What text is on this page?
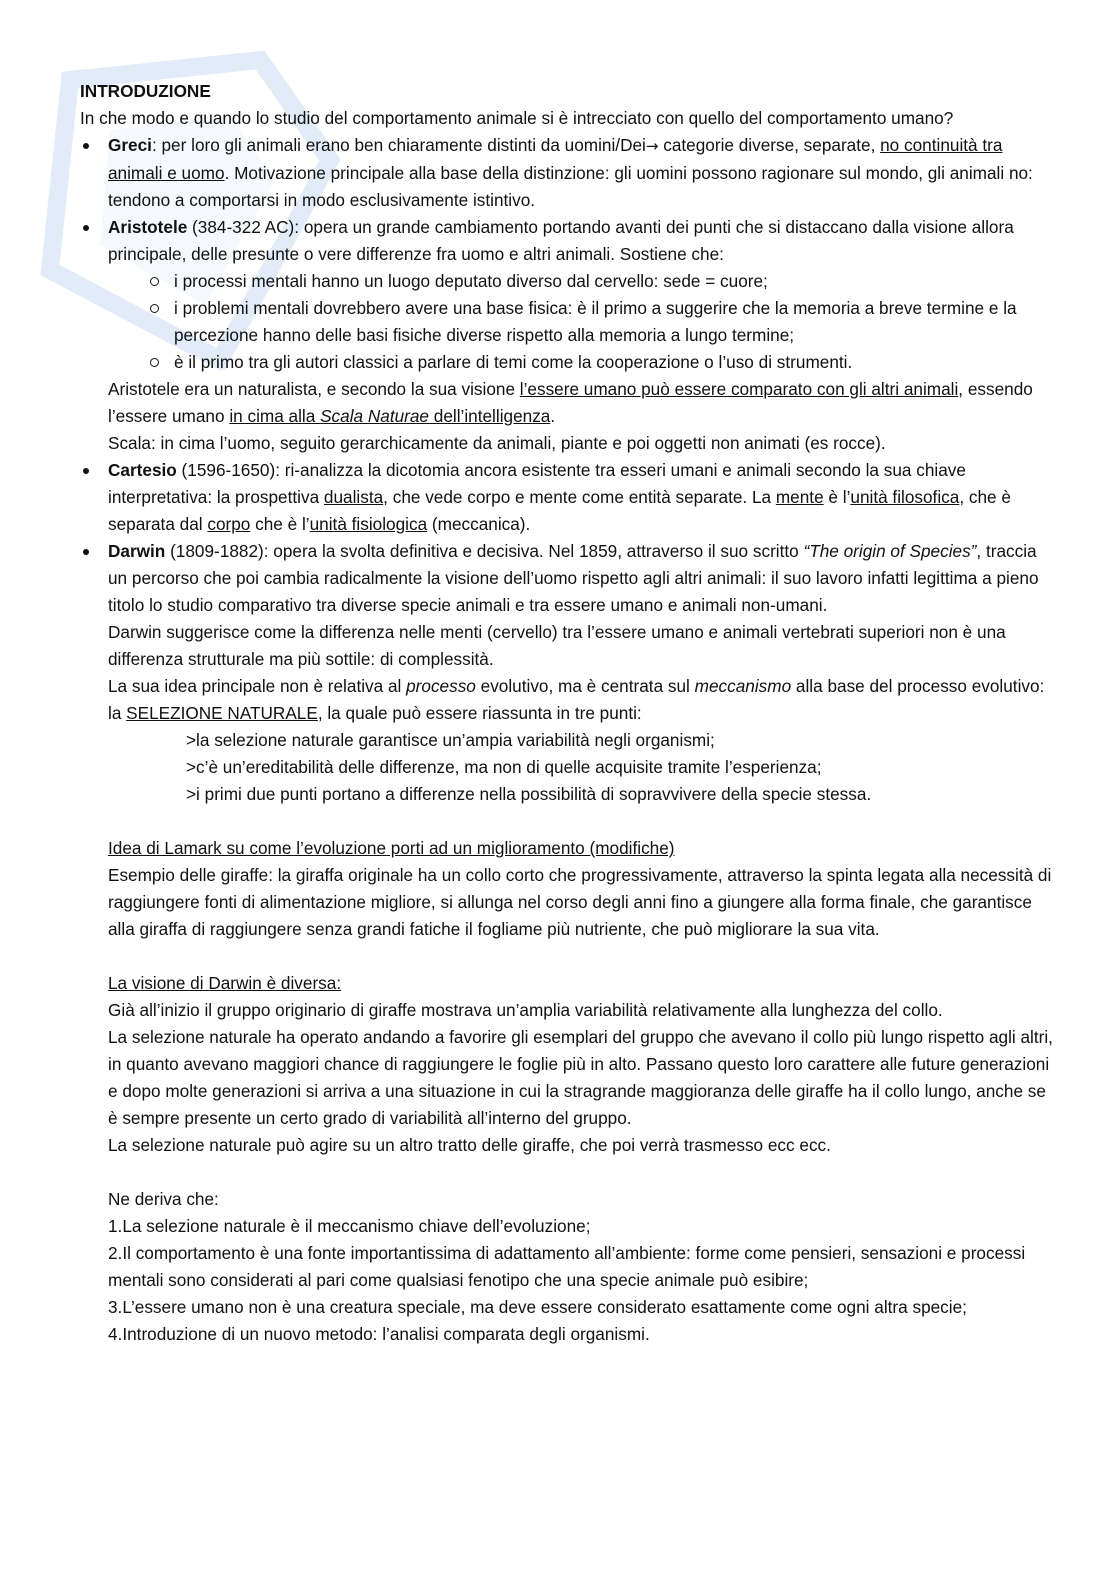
INTRODUZIONE

In che modo e quando lo studio del comportamento animale si è intrecciato con quello del comportamento umano?

Greci: per loro gli animali erano ben chiaramente distinti da uomini/Dei→ categorie diverse, separate, no continuità tra animali e uomo. Motivazione principale alla base della distinzione: gli uomini possono ragionare sul mondo, gli animali no: tendono a comportarsi in modo esclusivamente istintivo.
Aristotele (384-322 AC): opera un grande cambiamento portando avanti dei punti che si distaccano dalla visione allora principale, delle presunte o vere differenze fra uomo e altri animali. Sostiene che:
i processi mentali hanno un luogo deputato diverso dal cervello: sede = cuore;
i problemi mentali dovrebbero avere una base fisica: è il primo a suggerire che la memoria a breve termine e la percezione hanno delle basi fisiche diverse rispetto alla memoria a lungo termine;
è il primo tra gli autori classici a parlare di temi come la cooperazione o l’uso di strumenti.

Aristotele era un naturalista, e secondo la sua visione l’essere umano può essere comparato con gli altri animali, essendo l’essere umano in cima alla Scala Naturae dell’intelligenza.

Scala: in cima l’uomo, seguito gerarchicamente da animali, piante e poi oggetti non animati (es rocce).

Cartesio (1596-1650): ri-analizza la dicotomia ancora esistente tra esseri umani e animali secondo la sua chiave interpretativa: la prospettiva dualista, che vede corpo e mente come entità separate. La mente è l’unità filosofica, che è separata dal corpo che è l’unità fisiologica (meccanica).
Darwin (1809-1882): opera la svolta definitiva e decisiva. Nel 1859, attraverso il suo scritto “The origin of Species”, traccia un percorso che poi cambia radicalmente la visione dell’uomo rispetto agli altri animali: il suo lavoro infatti legittima a pieno titolo lo studio comparativo tra diverse specie animali e tra essere umano e animali non-umani.

Darwin suggerisce come la differenza nelle menti (cervello) tra l’essere umano e animali vertebrati superiori non è una differenza strutturale ma più sottile: di complessità.

La sua idea principale non è relativa al processo evolutivo, ma è centrata sul meccanismo alla base del processo evolutivo: la SELEZIONE NATURALE, la quale può essere riassunta in tre punti:

>la selezione naturale garantisce un’ampia variabilità negli organismi;

>c’è un’ereditabilità delle differenze, ma non di quelle acquisite tramite l’esperienza;

>i primi due punti portano a differenze nella possibilità di sopravvivere della specie stessa.

Idea di Lamark su come l’evoluzione porti ad un miglioramento (modifiche)

Esempio delle giraffe: la giraffa originale ha un collo corto che progressivamente, attraverso la spinta legata alla necessità di raggiungere fonti di alimentazione migliore, si allunga nel corso degli anni fino a giungere alla forma finale, che garantisce alla giraffa di raggiungere senza grandi fatiche il fogliame più nutriente, che può migliorare la sua vita.

La visione di Darwin è diversa:

Già all’inizio il gruppo originario di giraffe mostrava un’amplia variabilità relativamente alla lunghezza del collo.

La selezione naturale ha operato andando a favorire gli esemplari del gruppo che avevano il collo più lungo rispetto agli altri, in quanto avevano maggiori chance di raggiungere le foglie più in alto. Passano questo loro carattere alle future generazioni e dopo molte generazioni si arriva a una situazione in cui la stragrande maggioranza delle giraffe ha il collo lungo, anche se è sempre presente un certo grado di variabilità all’interno del gruppo.

La selezione naturale può agire su un altro tratto delle giraffe, che poi verrà trasmesso ecc ecc.

Ne deriva che:

1.La selezione naturale è il meccanismo chiave dell’evoluzione;

2.Il comportamento è una fonte importantissima di adattamento all’ambiente: forme come pensieri, sensazioni e processi mentali sono considerati al pari come qualsiasi fenotipo che una specie animale può esibire;

3.L’essere umano non è una creatura speciale, ma deve essere considerato esattamente come ogni altra specie;

4.Introduzione di un nuovo metodo: l’analisi comparata degli organismi.
